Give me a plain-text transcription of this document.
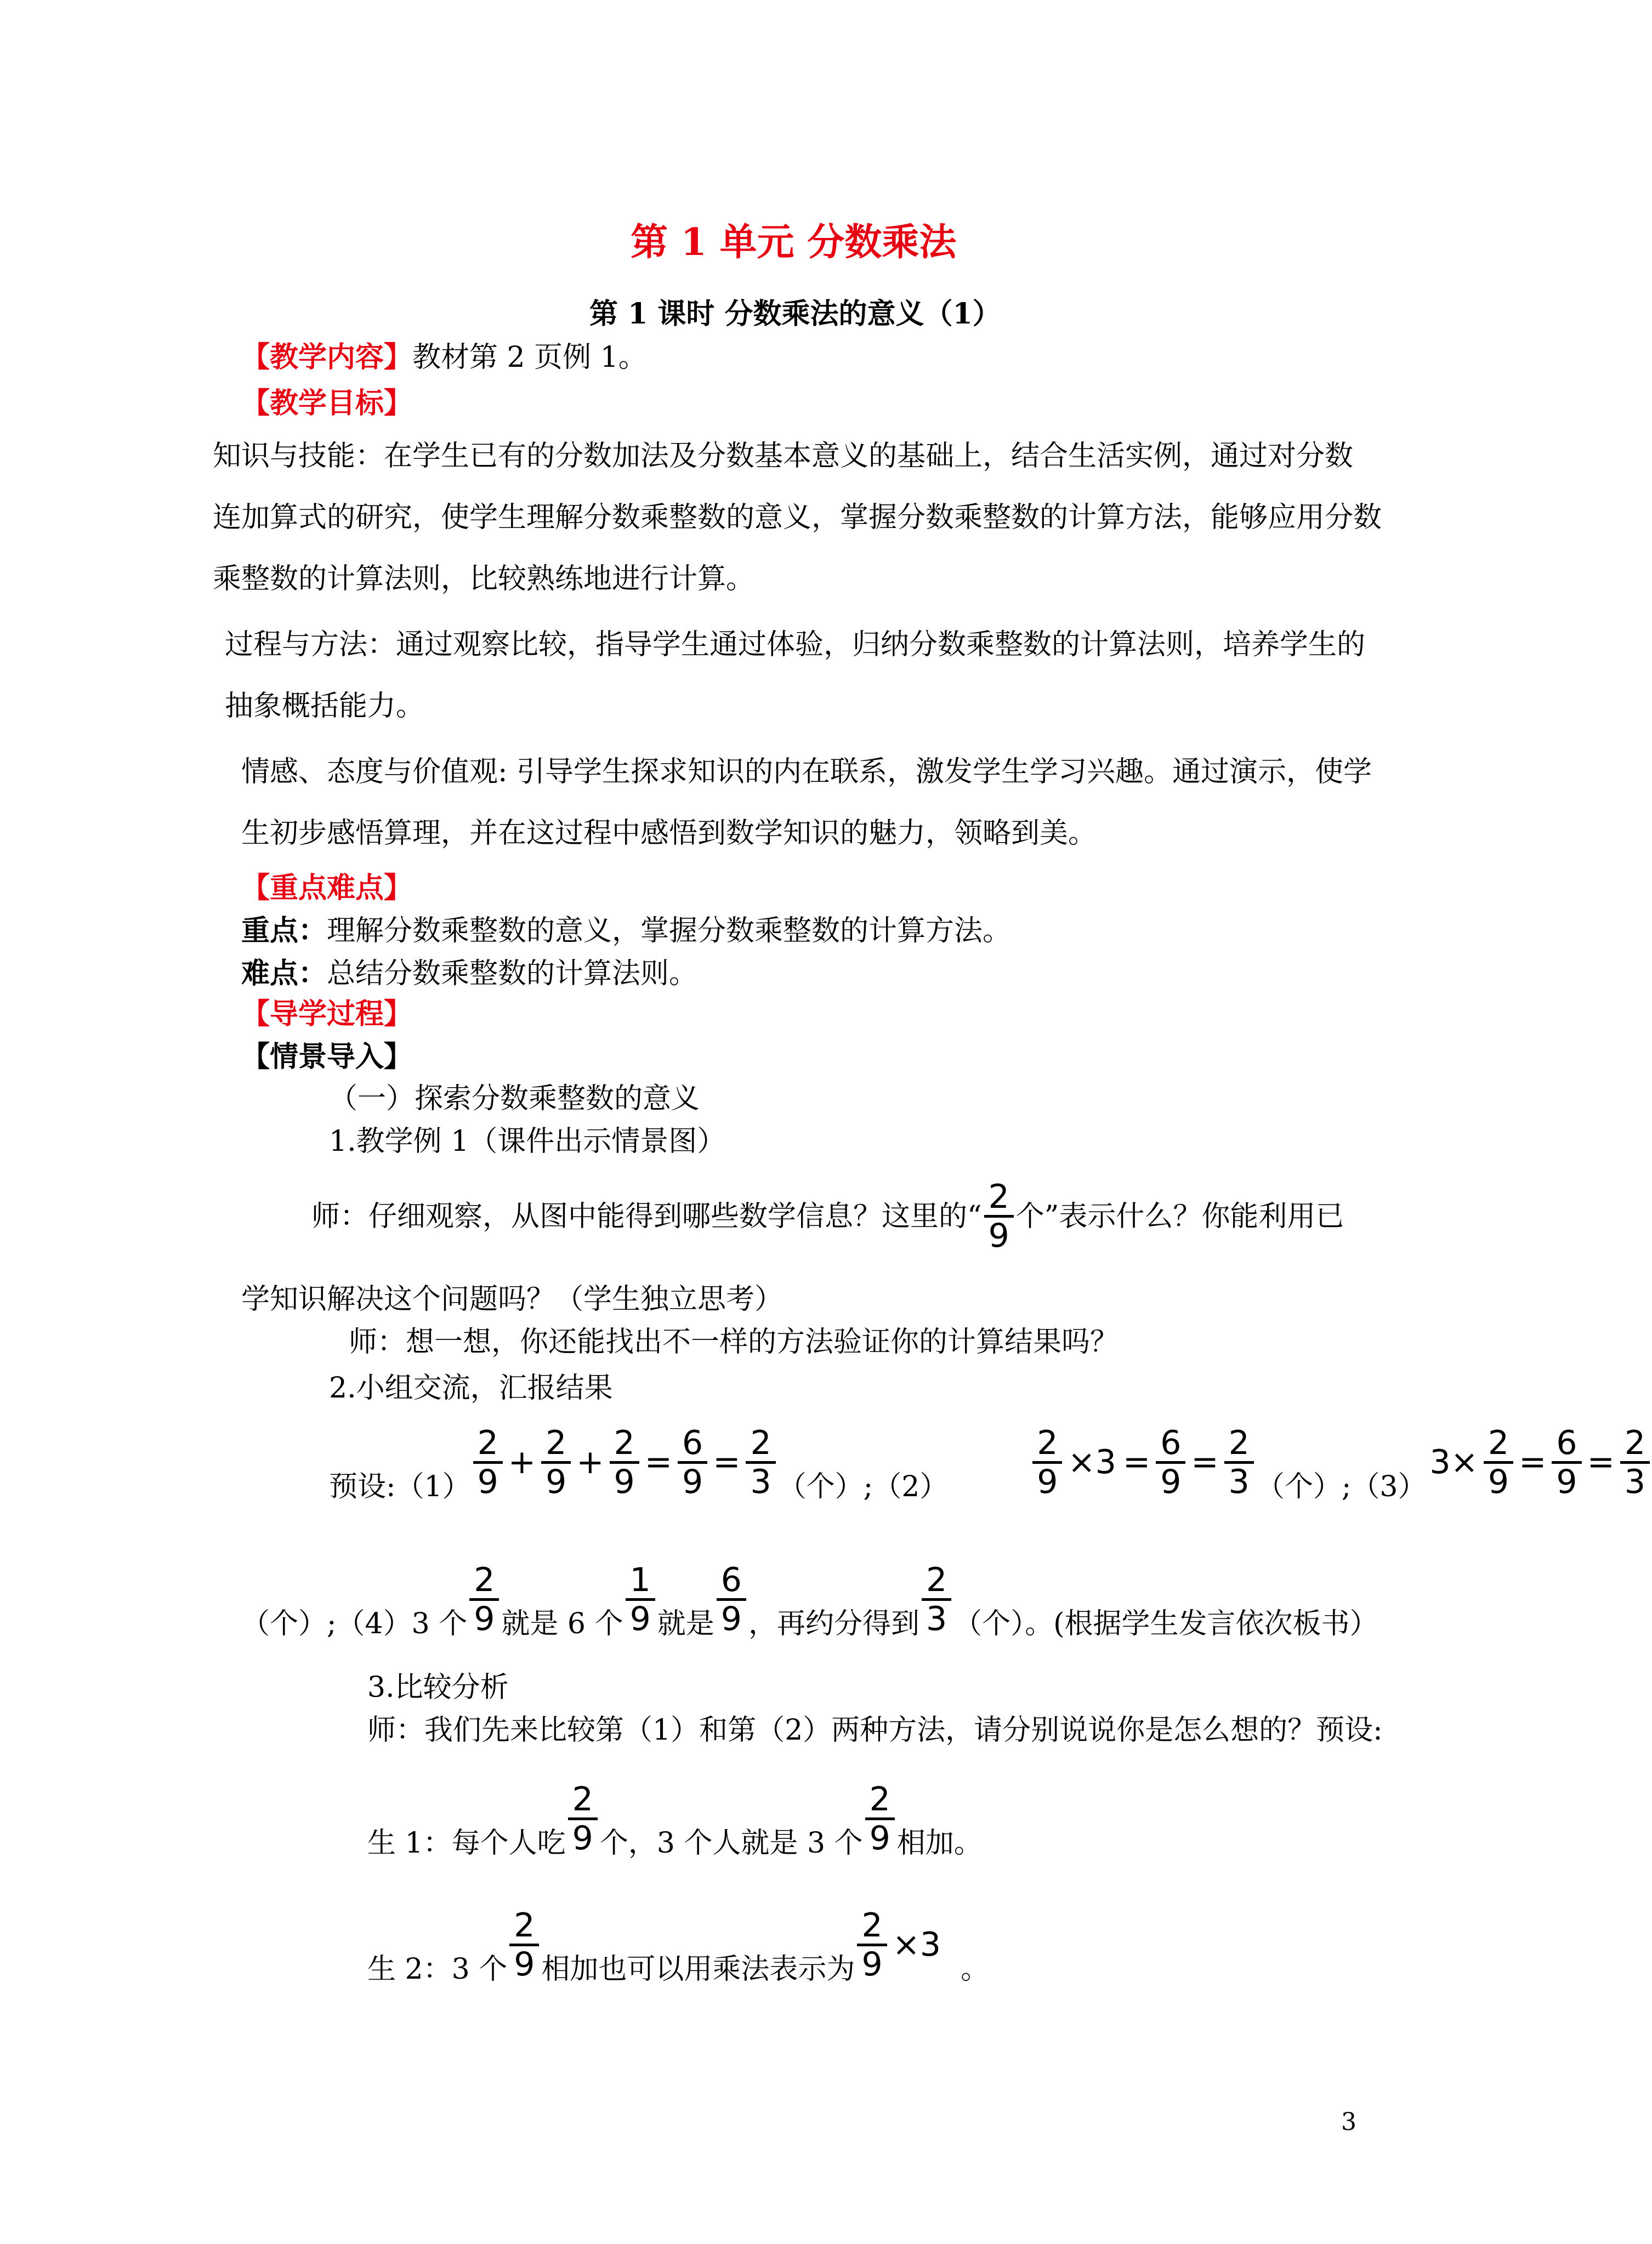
第 1 单元 分数乘法
第 1 课时 分数乘法的意义（1）
【教学内容】教材第 2 页例 1。
【教学目标】
知识与技能：在学生已有的分数加法及分数基本意义的基础上，结合生活实例，通过对分数
连加算式的研究，使学生理解分数乘整数的意义，掌握分数乘整数的计算方法，能够应用分数
乘整数的计算法则，比较熟练地进行计算。
过程与方法：通过观察比较，指导学生通过体验，归纳分数乘整数的计算法则，培养学生的
抽象概括能力。
情感、态度与价值观: 引导学生探求知识的内在联系，激发学生学习兴趣。通过演示，使学
生初步感悟算理，并在这过程中感悟到数学知识的魅力，领略到美。
【重点难点】
重点：理解分数乘整数的意义，掌握分数乘整数的计算方法。
难点：总结分数乘整数的计算法则。
【导学过程】
【情景导入】
（一）探索分数乘整数的意义
1.教学例 1（课件出示情景图）
师：仔细观察，从图中能得到哪些数学信息？这里的“ $\frac{2}{9}$ 个”表示什么？你能利用已
学知识解决这个问题吗？（学生独立思考）
师：想一想，你还能找出不一样的方法验证你的计算结果吗？
2.小组交流，汇报结果
预设:（1） $\frac{2}{9} + \frac{2}{9} + \frac{2}{9} = \frac{6}{9} = \frac{2}{3}$ （个）;（2）	$\frac{2}{9} \times 3 = \frac{6}{9} = \frac{2}{3}$ （个）;（3）
$3\times \frac{2}{9} = \frac{6}{9} = \frac{2}{3}$
（个）;（4）3 个 $\frac{2}{9}$ 就是 6 个 $\frac{1}{9}$ 就是 $\frac{6}{9}$ ，再约分得到 $\frac{2}{3}$ （个）。(根据学生发言依次板书）
3.比较分析
师：我们先来比较第（1）和第（2）两种方法，请分别说说你是怎么想的？预设:
生 1：每个人吃 $\frac{2}{9}$ 个，3 个人就是 3 个 $\frac{2}{9}$ 相加。
生 2：3 个 $\frac{2}{9}$ 相加也可以用乘法表示为 $\frac{2}{9} \times 3$
。
3
